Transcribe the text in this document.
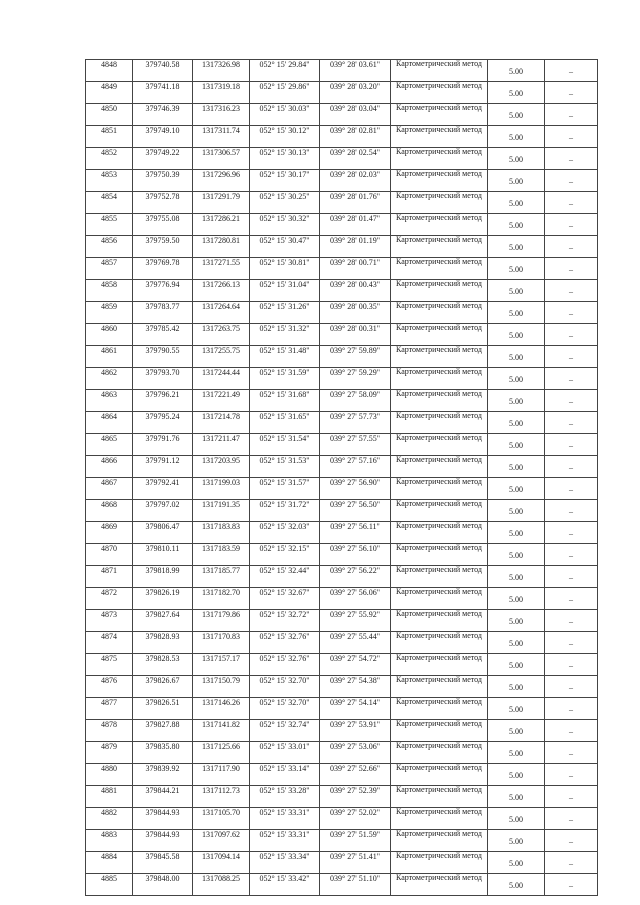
4848	379740.58	1317326.98	052° 15' 29.84"	039° 28' 03.61"	Картометрический метод	5.00	–
4849	379741.18	1317319.18	052° 15' 29.86"	039° 28' 03.20"	Картометрический метод	5.00	–
4850	379746.39	1317316.23	052° 15' 30.03"	039° 28' 03.04"	Картометрический метод	5.00	–
4851	379749.10	1317311.74	052° 15' 30.12"	039° 28' 02.81"	Картометрический метод	5.00	–
4852	379749.22	1317306.57	052° 15' 30.13"	039° 28' 02.54"	Картометрический метод	5.00	–
4853	379750.39	1317296.96	052° 15' 30.17"	039° 28' 02.03"	Картометрический метод	5.00	–
4854	379752.78	1317291.79	052° 15' 30.25"	039° 28' 01.76"	Картометрический метод	5.00	–
4855	379755.08	1317286.21	052° 15' 30.32"	039° 28' 01.47"	Картометрический метод	5.00	–
4856	379759.50	1317280.81	052° 15' 30.47"	039° 28' 01.19"	Картометрический метод	5.00	–
4857	379769.78	1317271.55	052° 15' 30.81"	039° 28' 00.71"	Картометрический метод	5.00	–
4858	379776.94	1317266.13	052° 15' 31.04"	039° 28' 00.43"	Картометрический метод	5.00	–
4859	379783.77	1317264.64	052° 15' 31.26"	039° 28' 00.35"	Картометрический метод	5.00	–
4860	379785.42	1317263.75	052° 15' 31.32"	039° 28' 00.31"	Картометрический метод	5.00	–
4861	379790.55	1317255.75	052° 15' 31.48"	039° 27' 59.89"	Картометрический метод	5.00	–
4862	379793.70	1317244.44	052° 15' 31.59"	039° 27' 59.29"	Картометрический метод	5.00	–
4863	379796.21	1317221.49	052° 15' 31.68"	039° 27' 58.09"	Картометрический метод	5.00	–
4864	379795.24	1317214.78	052° 15' 31.65"	039° 27' 57.73"	Картометрический метод	5.00	–
4865	379791.76	1317211.47	052° 15' 31.54"	039° 27' 57.55"	Картометрический метод	5.00	–
4866	379791.12	1317203.95	052° 15' 31.53"	039° 27' 57.16"	Картометрический метод	5.00	–
4867	379792.41	1317199.03	052° 15' 31.57"	039° 27' 56.90"	Картометрический метод	5.00	–
4868	379797.02	1317191.35	052° 15' 31.72"	039° 27' 56.50"	Картометрический метод	5.00	–
4869	379806.47	1317183.83	052° 15' 32.03"	039° 27' 56.11"	Картометрический метод	5.00	–
4870	379810.11	1317183.59	052° 15' 32.15"	039° 27' 56.10"	Картометрический метод	5.00	–
4871	379818.99	1317185.77	052° 15' 32.44"	039° 27' 56.22"	Картометрический метод	5.00	–
4872	379826.19	1317182.70	052° 15' 32.67"	039° 27' 56.06"	Картометрический метод	5.00	–
4873	379827.64	1317179.86	052° 15' 32.72"	039° 27' 55.92"	Картометрический метод	5.00	–
4874	379828.93	1317170.83	052° 15' 32.76"	039° 27' 55.44"	Картометрический метод	5.00	–
4875	379828.53	1317157.17	052° 15' 32.76"	039° 27' 54.72"	Картометрический метод	5.00	–
4876	379826.67	1317150.79	052° 15' 32.70"	039° 27' 54.38"	Картометрический метод	5.00	–
4877	379826.51	1317146.26	052° 15' 32.70"	039° 27' 54.14"	Картометрический метод	5.00	–
4878	379827.88	1317141.82	052° 15' 32.74"	039° 27' 53.91"	Картометрический метод	5.00	–
4879	379835.80	1317125.66	052° 15' 33.01"	039° 27' 53.06"	Картометрический метод	5.00	–
4880	379839.92	1317117.90	052° 15' 33.14"	039° 27' 52.66"	Картометрический метод	5.00	–
4881	379844.21	1317112.73	052° 15' 33.28"	039° 27' 52.39"	Картометрический метод	5.00	–
4882	379844.93	1317105.70	052° 15' 33.31"	039° 27' 52.02"	Картометрический метод	5.00	–
4883	379844.93	1317097.62	052° 15' 33.31"	039° 27' 51.59"	Картометрический метод	5.00	–
4884	379845.58	1317094.14	052° 15' 33.34"	039° 27' 51.41"	Картометрический метод	5.00	–
4885	379848.00	1317088.25	052° 15' 33.42"	039° 27' 51.10"	Картометрический метод	5.00	–
